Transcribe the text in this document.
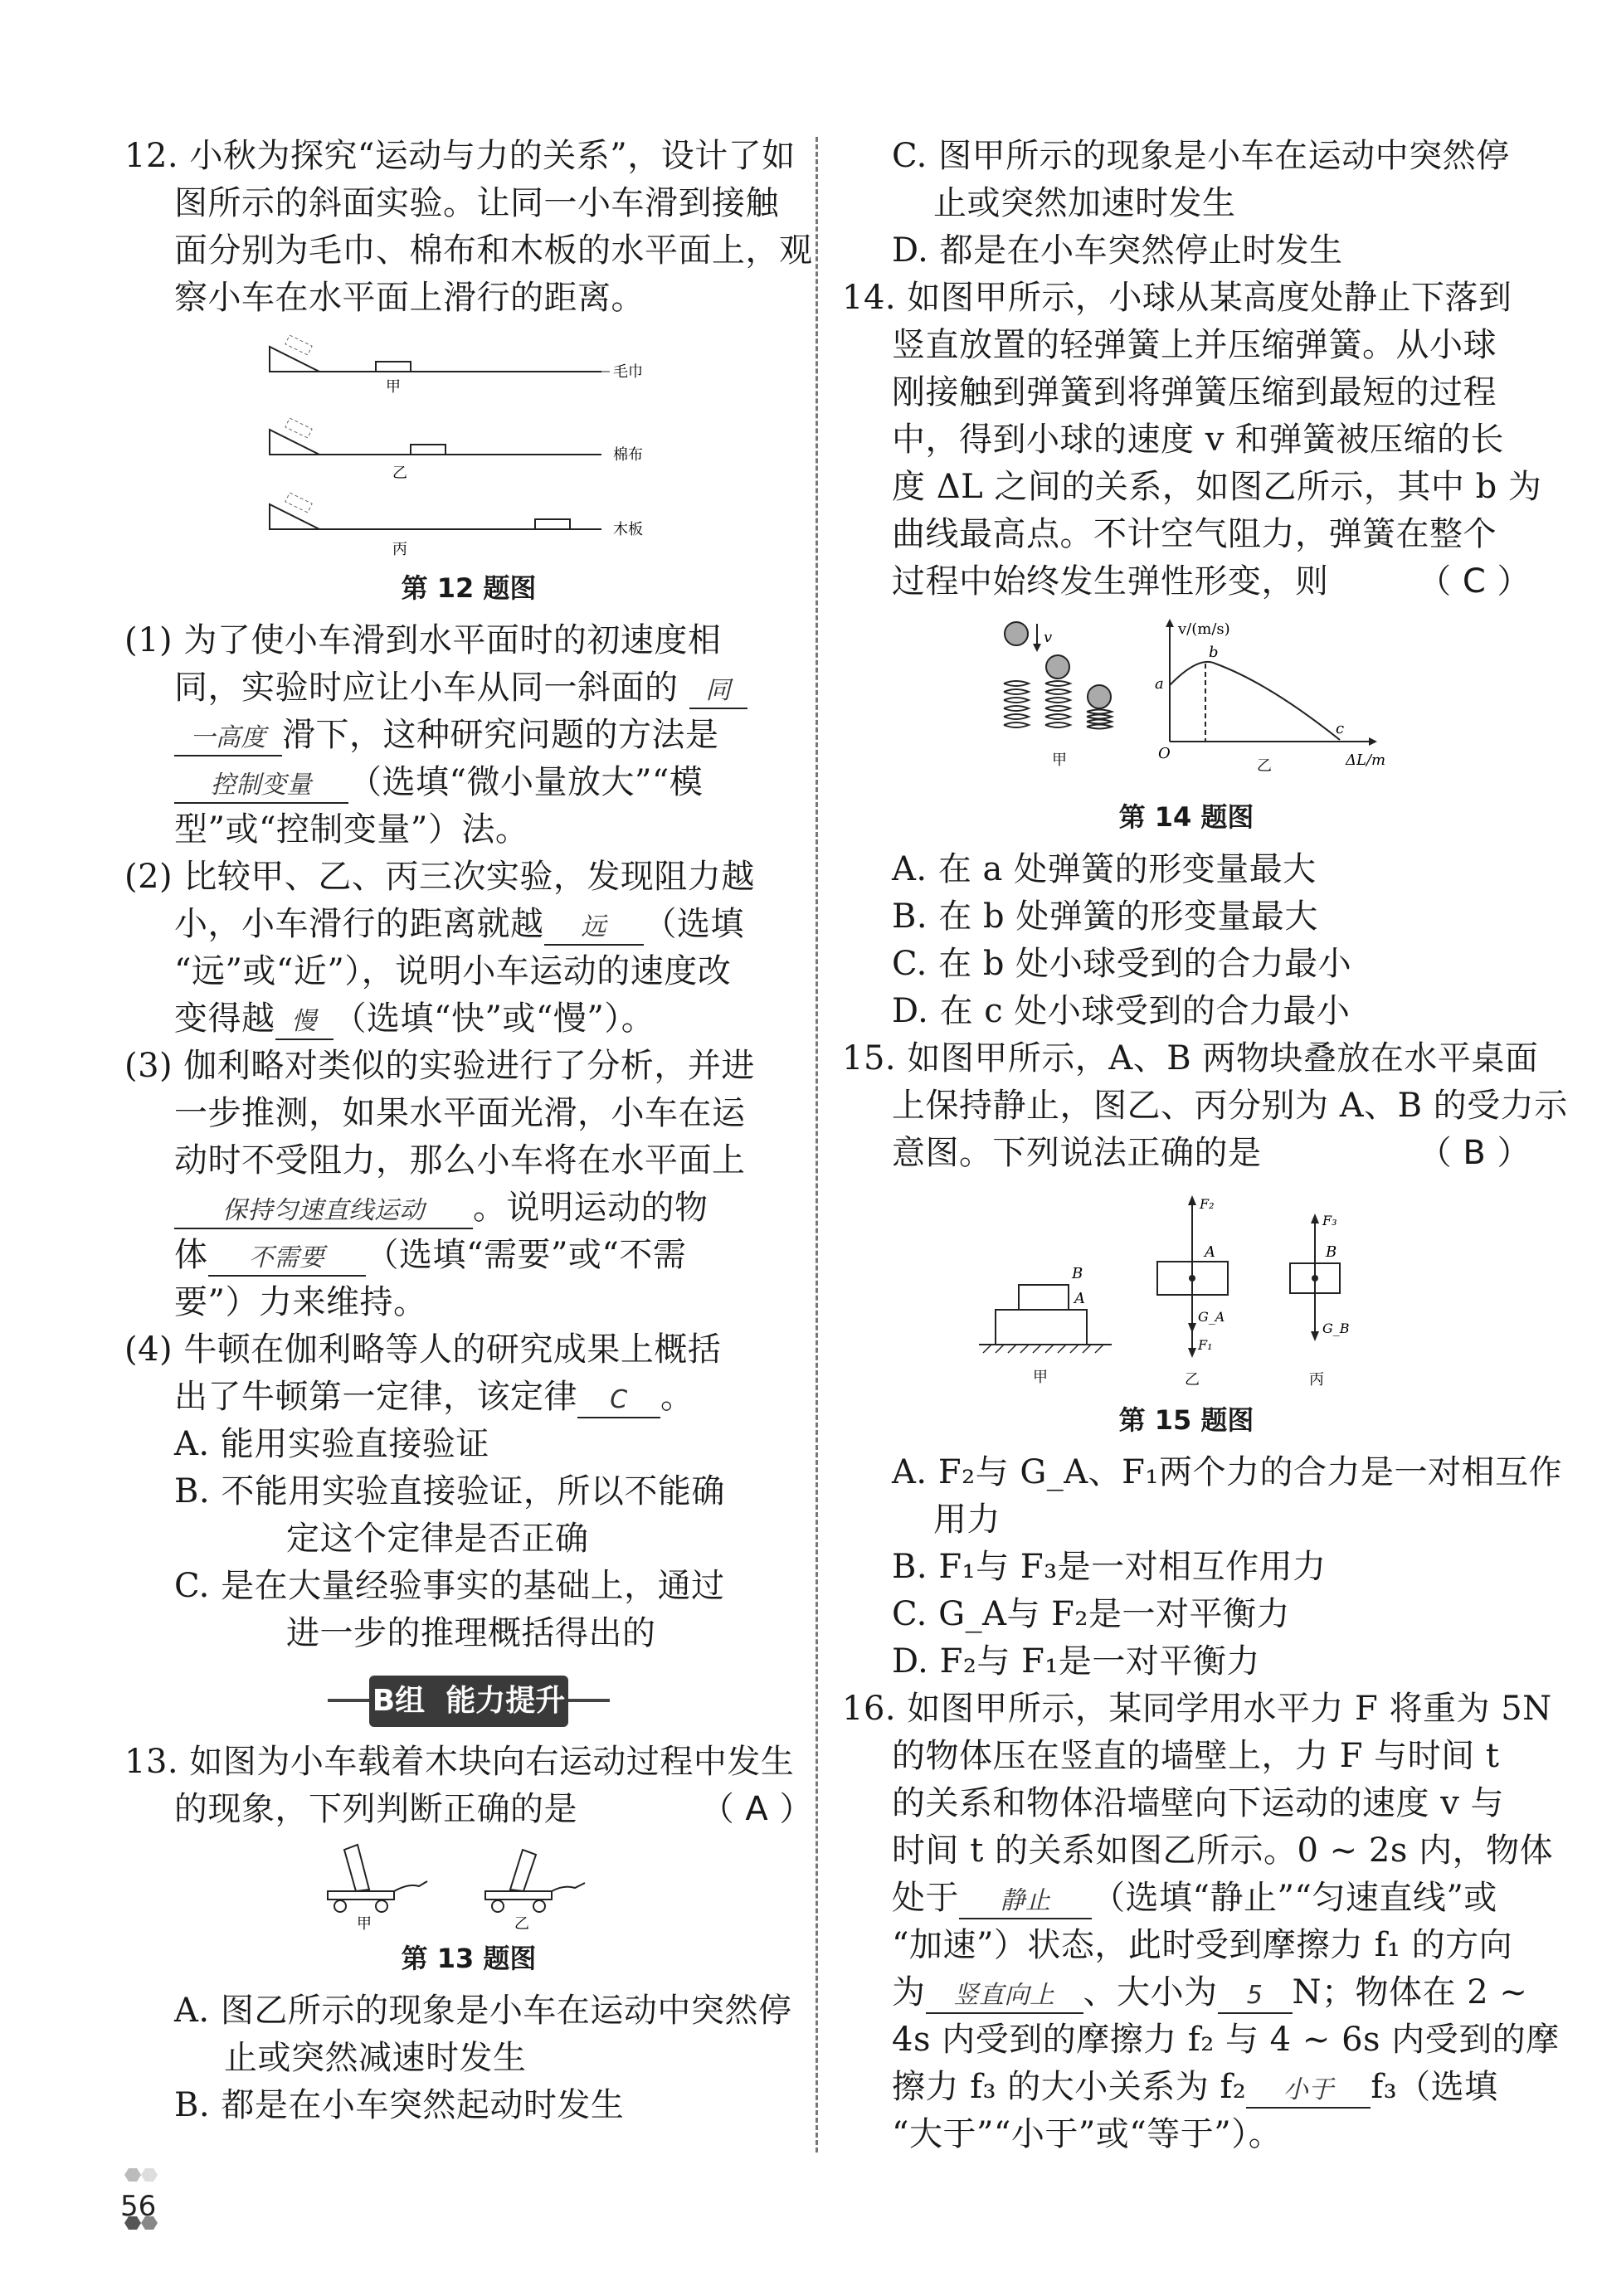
12. 小秋为探究“运动与力的关系”，设计了如
图所示的斜面实验。让同一小车滑到接触
面分别为毛巾、棉布和木板的水平面上，观
察小车在水平面上滑行的距离。
甲
毛巾
乙
棉布
丙
木板
第 12 题图
(1) 为了使小车滑到水平面时的初速度相
同，实验时应让小车从同一斜面的 同
一高度 滑下，这种研究问题的方法是
控制变量 （选填“微小量放大”“模
型”或“控制变量”）法。
(2) 比较甲、乙、丙三次实验，发现阻力越
小，小车滑行的距离就越 远 （选填
“远”或“近”），说明小车运动的速度改
变得越 慢 （选填“快”或“慢”）。
(3) 伽利略对类似的实验进行了分析，并进
一步推测，如果水平面光滑，小车在运
动时不受阻力，那么小车将在水平面上
保持匀速直线运动 。说明运动的物
体 不需要 （选填“需要”或“不需
要”）力来维持。
(4) 牛顿在伽利略等人的研究成果上概括
出了牛顿第一定律，该定律 C 。
A. 能用实验直接验证
B. 不能用实验直接验证，所以不能确
定这个定律是否正确
C. 是在大量经验事实的基础上，通过
进一步的推理概括得出的
B组 能力提升
13. 如图为小车载着木块向右运动过程中发生
的现象，下列判断正确的是	（ A ）
甲	乙
第 13 题图
A. 图乙所示的现象是小车在运动中突然停
止或突然减速时发生
B. 都是在小车突然起动时发生
C. 图甲所示的现象是小车在运动中突然停
止或突然加速时发生
D. 都是在小车突然停止时发生
14. 如图甲所示，小球从某高度处静止下落到
竖直放置的轻弹簧上并压缩弹簧。从小球
刚接触到弹簧到将弹簧压缩到最短的过程
中，得到小球的速度 v 和弹簧被压缩的长
度 ΔL 之间的关系，如图乙所示，其中 b 为
曲线最高点。不计空气阻力，弹簧在整个
过程中始终发生弹性形变，则	（ C ）
v
甲
v/(m/s)
ΔL/m
O
a
b
c
乙
第 14 题图
A. 在 a 处弹簧的形变量最大
B. 在 b 处弹簧的形变量最大
C. 在 b 处小球受到的合力最小
D. 在 c 处小球受到的合力最小
15. 如图甲所示，A、B 两物块叠放在水平桌面
上保持静止，图乙、丙分别为 A、B 的受力示
意图。下列说法正确的是	（ B ）
B
A
甲
F₂
A
G_A
F₁
乙
F₃
B
G_B
丙
第 15 题图
A. F₂与 G_A、F₁两个力的合力是一对相互作
用力
B. F₁与 F₃是一对相互作用力
C. G_A与 F₂是一对平衡力
D. F₂与 F₁是一对平衡力
16. 如图甲所示，某同学用水平力 F 将重为 5N
的物体压在竖直的墙壁上，力 F 与时间 t
的关系和物体沿墙壁向下运动的速度 v 与
时间 t 的关系如图乙所示。0 ~ 2s 内，物体
处于 静止 （选填“静止”“匀速直线”或
“加速”）状态，此时受到摩擦力 f₁ 的方向
为 竖直向上 、大小为 5 N；物体在 2 ~
4s 内受到的摩擦力 f₂ 与 4 ~ 6s 内受到的摩
擦力 f₃ 的大小关系为 f₂ 小于 f₃（选填
“大于”“小于”或“等于”）。
56
